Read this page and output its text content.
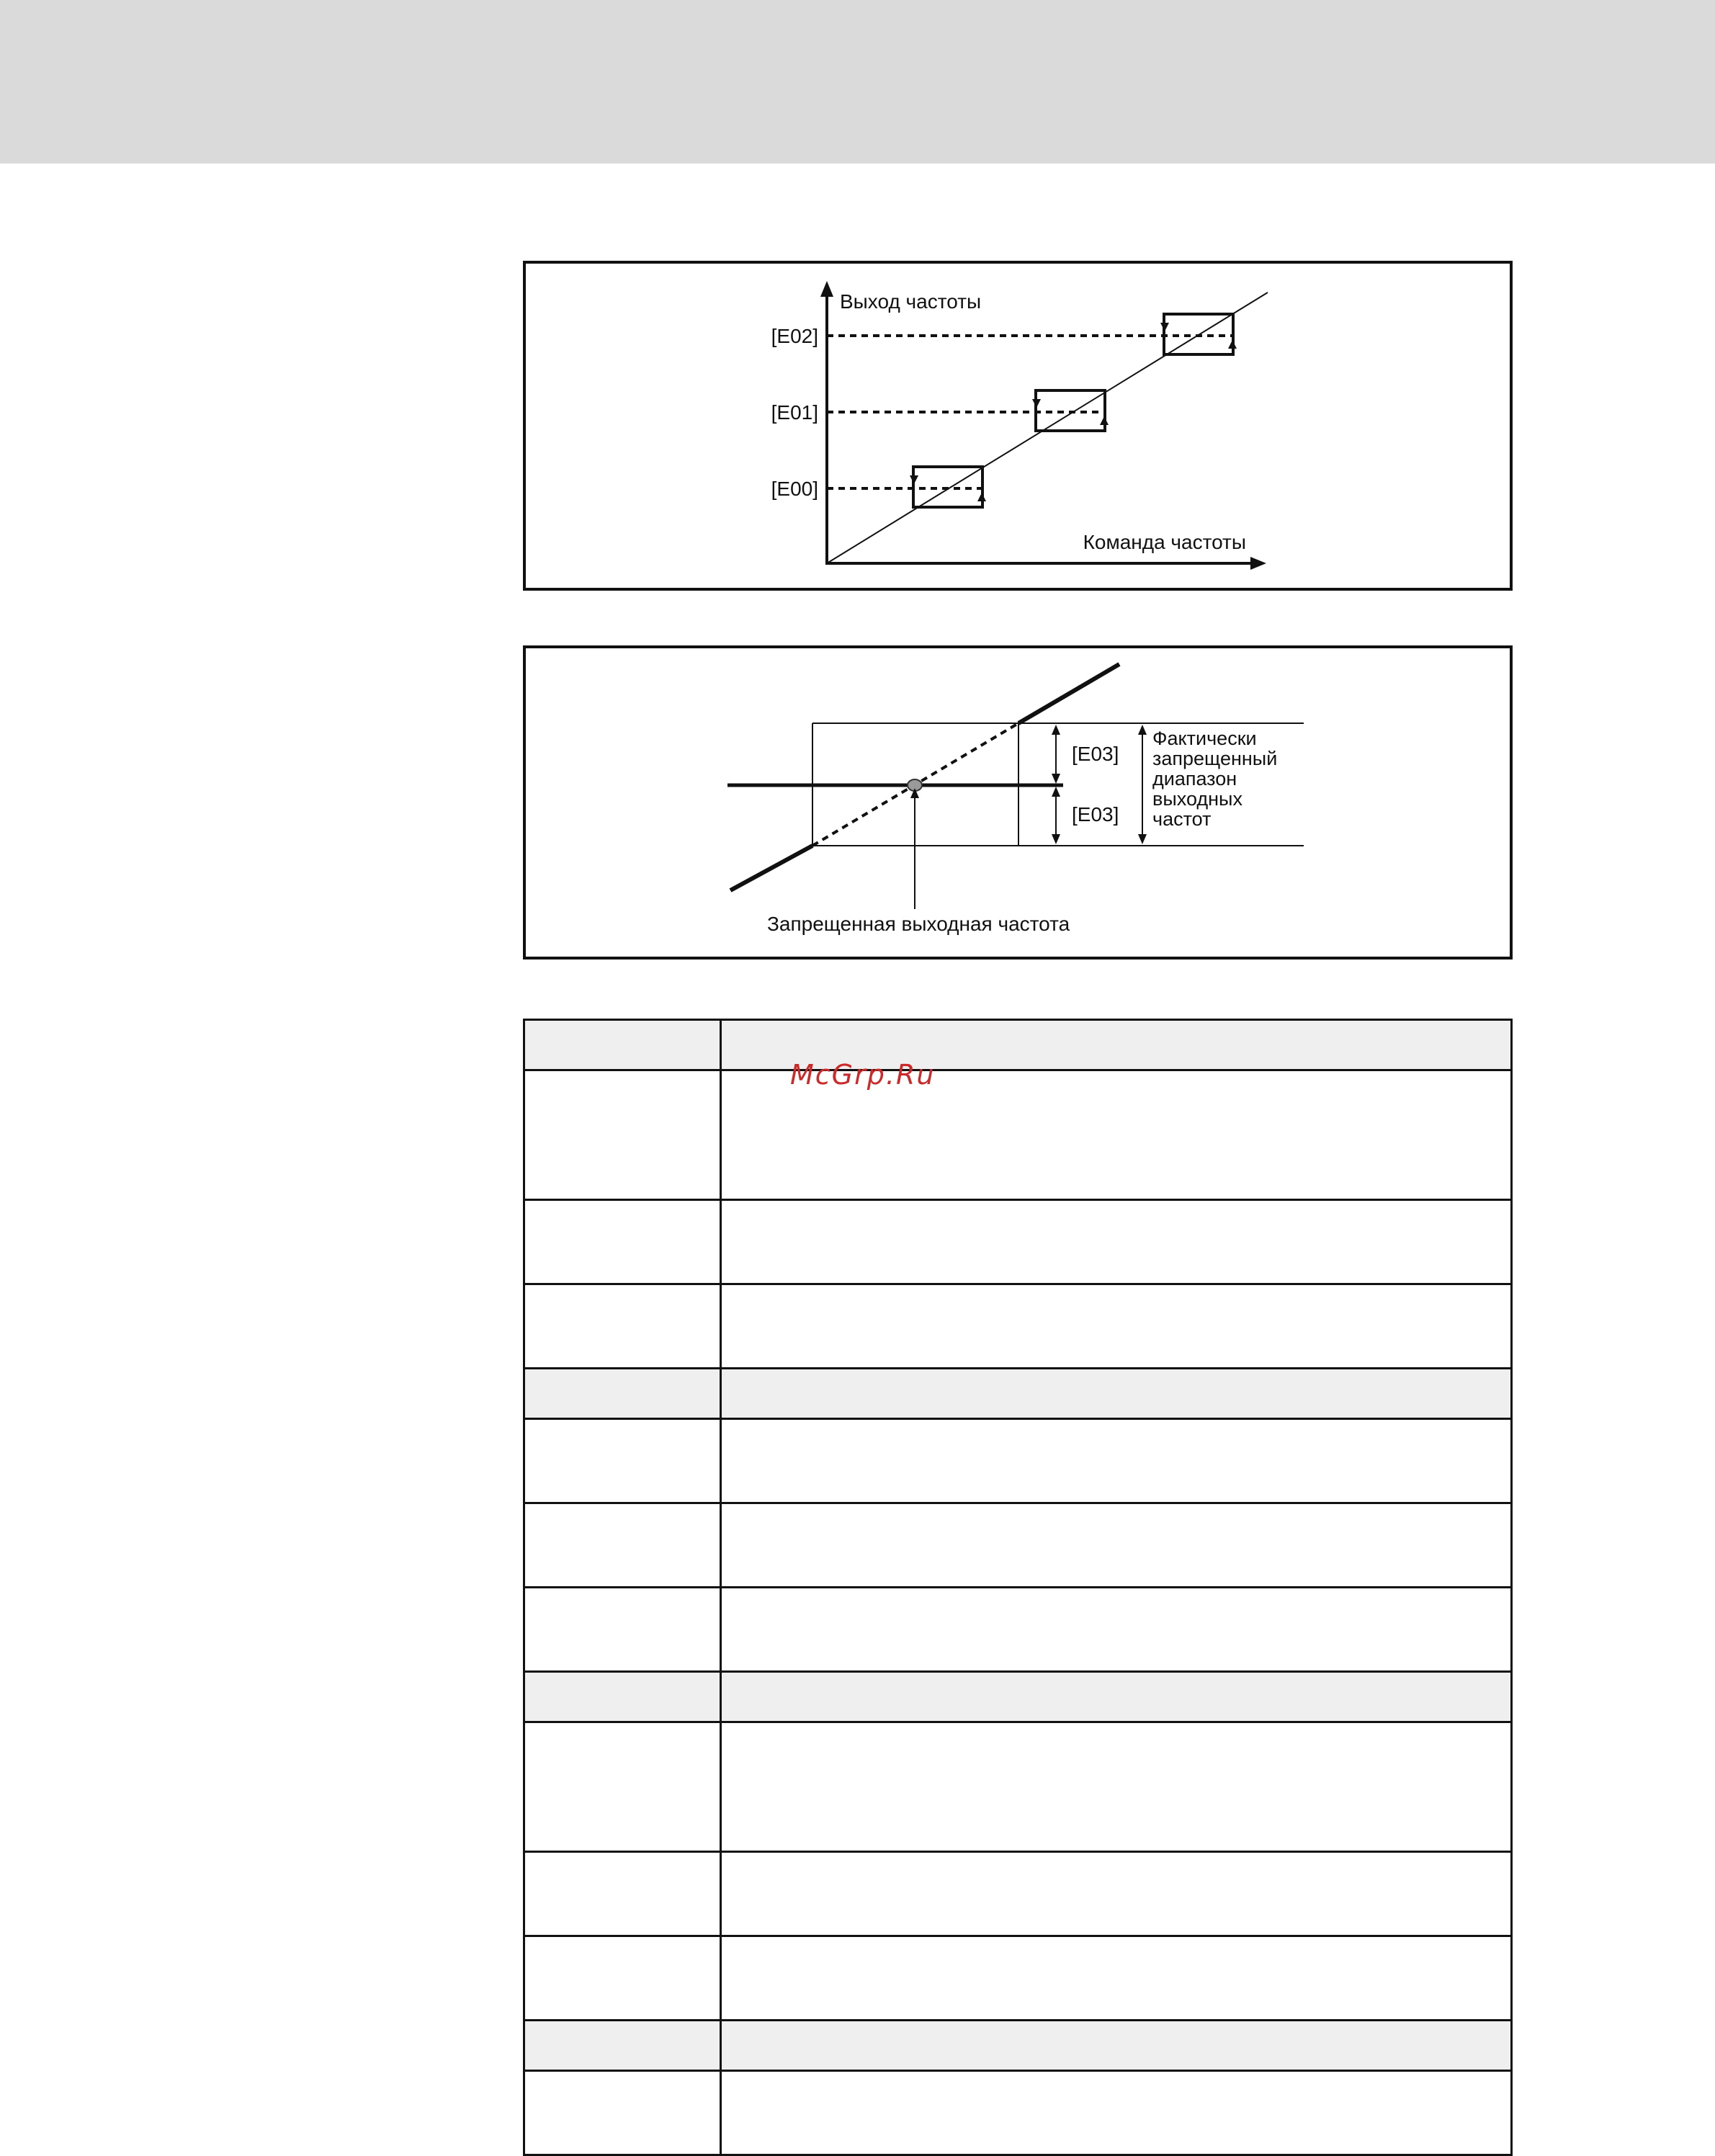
Выход частоты
Команда частоты
[E00]
[E01]
[E02]
[E03]
[E03]
Фактически
запрещенный
диапазон
выходных
частот
Запрещенная выходная частота

McGrp.Ru
